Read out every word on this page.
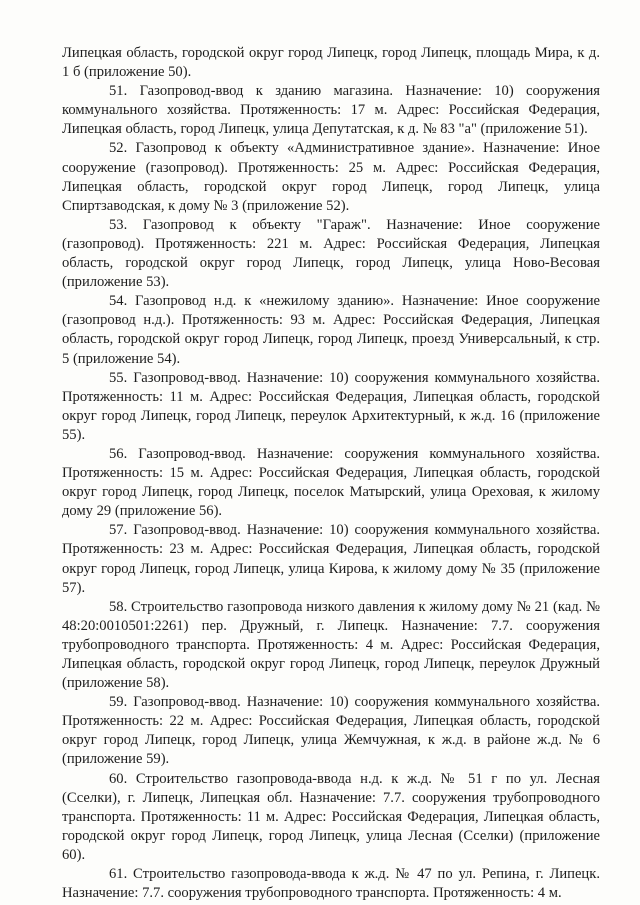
Липецкая область, городской округ город Липецк, город Липецк, площадь Мира, к д. 1 б (приложение 50).

51. Газопровод-ввод к зданию магазина. Назначение: 10) сооружения коммунального хозяйства. Протяженность: 17 м. Адрес: Российская Федерация, Липецкая область, город Липецк, улица Депутатская, к д. № 83 "а" (приложение 51).

52. Газопровод к объекту «Административное здание». Назначение: Иное сооружение (газопровод). Протяженность: 25 м. Адрес: Российская Федерация, Липецкая область, городской округ город Липецк, город Липецк, улица Спиртзаводская, к дому № 3 (приложение 52).

53. Газопровод к объекту "Гараж". Назначение: Иное сооружение (газопровод). Протяженность: 221 м. Адрес: Российская Федерация, Липецкая область, городской округ город Липецк, город Липецк, улица Ново-Весовая (приложение 53).

54. Газопровод н.д. к «нежилому зданию». Назначение: Иное сооружение (газопровод н.д.). Протяженность: 93 м. Адрес: Российская Федерация, Липецкая область, городской округ город Липецк, город Липецк, проезд Универсальный, к стр. 5 (приложение 54).

55. Газопровод-ввод. Назначение: 10) сооружения коммунального хозяйства. Протяженность: 11 м. Адрес: Российская Федерация, Липецкая область, городской округ город Липецк, город Липецк, переулок Архитектурный, к ж.д. 16 (приложение 55).

56. Газопровод-ввод. Назначение: сооружения коммунального хозяйства. Протяженность: 15 м. Адрес: Российская Федерация, Липецкая область, городской округ город Липецк, город Липецк, поселок Матырский, улица Ореховая, к жилому дому 29 (приложение 56).

57. Газопровод-ввод. Назначение: 10) сооружения коммунального хозяйства. Протяженность: 23 м. Адрес: Российская Федерация, Липецкая область, городской округ город Липецк, город Липецк, улица Кирова, к жилому дому № 35 (приложение 57).

58. Строительство газопровода низкого давления к жилому дому № 21 (кад. № 48:20:0010501:2261) пер. Дружный, г. Липецк. Назначение: 7.7. сооружения трубопроводного транспорта. Протяженность: 4 м. Адрес: Российская Федерация, Липецкая область, городской округ город Липецк, город Липецк, переулок Дружный (приложение 58).

59. Газопровод-ввод. Назначение: 10) сооружения коммунального хозяйства. Протяженность: 22 м. Адрес: Российская Федерация, Липецкая область, городской округ город Липецк, город Липецк, улица Жемчужная, к ж.д. в районе ж.д. № 6 (приложение 59).

60. Строительство газопровода-ввода н.д. к ж.д. № 51 г по ул. Лесная (Сселки), г. Липецк, Липецкая обл. Назначение: 7.7. сооружения трубопроводного транспорта. Протяженность: 11 м. Адрес: Российская Федерация, Липецкая область, городской округ город Липецк, город Липецк, улица Лесная (Сселки) (приложение 60).

61. Строительство газопровода-ввода к ж.д. № 47 по ул. Репина, г. Липецк. Назначение: 7.7. сооружения трубопроводного транспорта. Протяженность: 4 м.
